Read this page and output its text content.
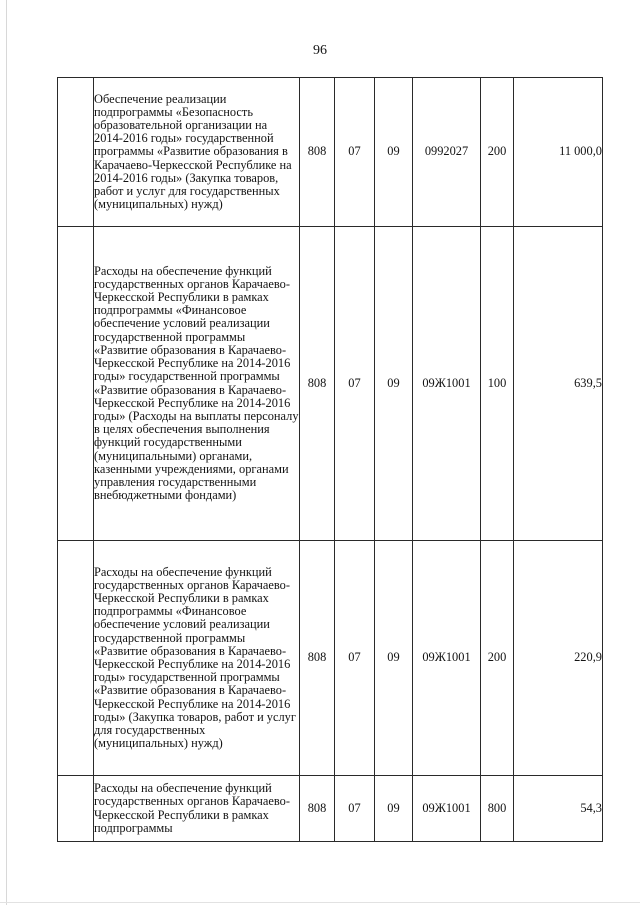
96
	Обеспечение реализации подпрограммы «Безопасность образовательной организации на 2014-2016 годы» государственной программы «Развитие образования в Карачаево-Черкесской Республике на 2014-2016 годы» (Закупка товаров, работ и услуг для государственных (муниципальных) нужд)	808	07	09	0992027	200	11 000,0
	Расходы на обеспечение функций государственных органов Карачаево-Черкесской Республики в рамках подпрограммы «Финансовое обеспечение условий реализации государственной программы «Развитие образования в Карачаево-Черкесской Республике на 2014-2016 годы» государственной программы «Развитие образования в Карачаево-Черкесской Республике на 2014-2016 годы» (Расходы на выплаты персоналу в целях обеспечения выполнения функций государственными (муниципальными) органами, казенными учреждениями, органами управления государственными внебюджетными фондами)	808	07	09	09Ж1001	100	639,5
	Расходы на обеспечение функций государственных органов Карачаево-Черкесской Республики в рамках подпрограммы «Финансовое обеспечение условий реализации государственной программы «Развитие образования в Карачаево-Черкесской Республике на 2014-2016 годы» государственной программы «Развитие образования в Карачаево-Черкесской Республике на 2014-2016 годы» (Закупка товаров, работ и услуг для государственных (муниципальных) нужд)	808	07	09	09Ж1001	200	220,9
	Расходы на обеспечение функций государственных органов Карачаево-Черкесской Республики в рамках подпрограммы	808	07	09	09Ж1001	800	54,3
